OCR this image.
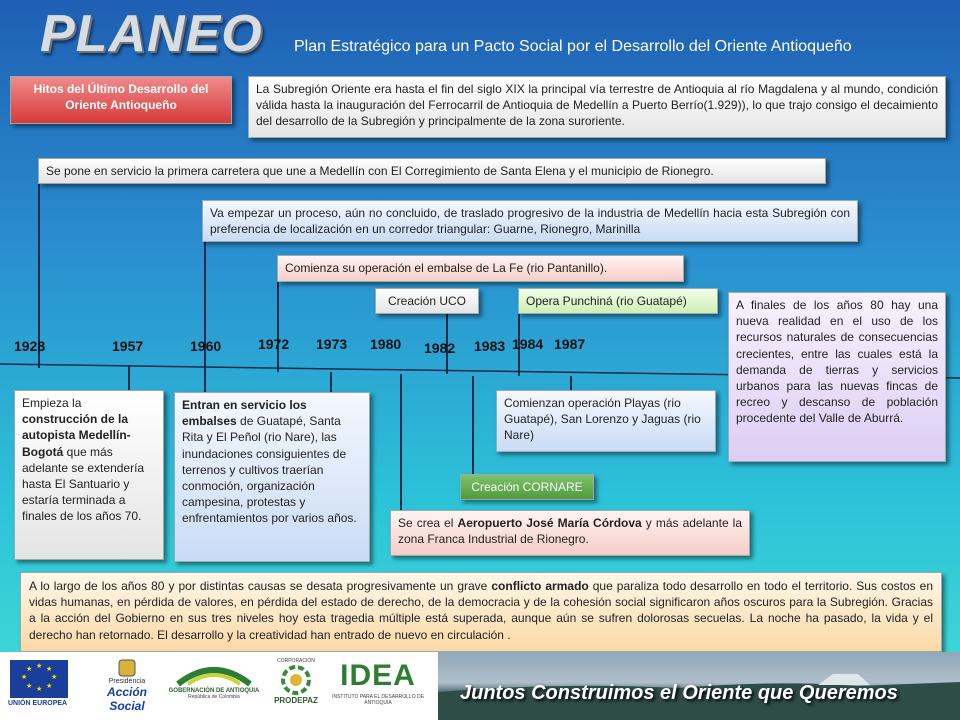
PLANEO Plan Estratégico para un Pacto Social por el Desarrollo del Oriente Antioqueño
Hitos del Último Desarrollo del Oriente Antioqueño
La Subregión Oriente era hasta el fin del siglo XIX la principal vía terrestre de Antioquia al río Magdalena y al mundo, condición válida hasta la inauguración del Ferrocarril de Antioquia de Medellín a Puerto Berrío(1.929)), lo que trajo consigo el decaimiento del desarrollo de la Subregión y principalmente de la zona suroriente.
1928	1957	1960	1972 1973 1980 1982 1983 1984 1987
Se pone en servicio la primera carretera que une a Medellín con El Corregimiento de Santa Elena y el municipio de Rionegro.
Va empezar un proceso, aún no concluido, de traslado progresivo de la industria de Medellín hacia esta Subregión con preferencia de localización en un corredor triangular: Guarne, Rionegro, Marinilla
Comienza su operación el embalse de La Fe (rio Pantanillo).
Creación UCO	Opera Punchiná (rio Guatapé)	A finales de los años 80 hay una nueva realidad en el uso de los recursos naturales de consecuencias crecientes, entre las cuales está la demanda de tierras y servicios urbanos para las nuevas fincas de recreo y descanso de población procedente del Valle de Aburrá.
Empieza la construcción de la autopista Medellín-Bogotá que más adelante se extendería hasta El Santuario y estaría terminada a finales de los años 70.
Entran en servicio los embalses de Guatapé, Santa Rita y El Peñol (rio Nare), las inundaciones consiguientes de terrenos y cultivos traerían conmoción, organización campesina, protestas y enfrentamientos por varios años.
Comienzan operación Playas (rio Guatapé), San Lorenzo y Jaguas (rio Nare)
Creación CORNARE
Se crea el Aeropuerto José María Córdova y más adelante la zona Franca Industrial de Rionegro.
A lo largo de los años 80 y por distintas causas se desata progresivamente un grave conflicto armado que paraliza todo desarrollo en todo el territorio. Sus costos en vidas humanas, en pérdida de valores, en pérdida del estado de derecho, de la democracia y de la cohesión social significaron años oscuros para la Subregión. Gracias a la acción del Gobierno en sus tres niveles hoy esta tragedia múltiple está superada, aunque aún se sufren dolorosas secuelas. La noche ha pasado, la vida y el derecho han retornado. El desarrollo y la creatividad han entrado de nuevo en circulación .
Juntos Construimos el Oriente que Queremos
★ ★
★
★
★
★
★
★
UNIÓN EUROPEA
Presidencia
Acción Social
GOBERNACIÓN DE ANTIOQUIA
República de Colombia
CORPORACIÓN
PRODEPAZ
IDEA
INSTITUTO PARA EL DESARROLLO DE ANTIOQUIA
